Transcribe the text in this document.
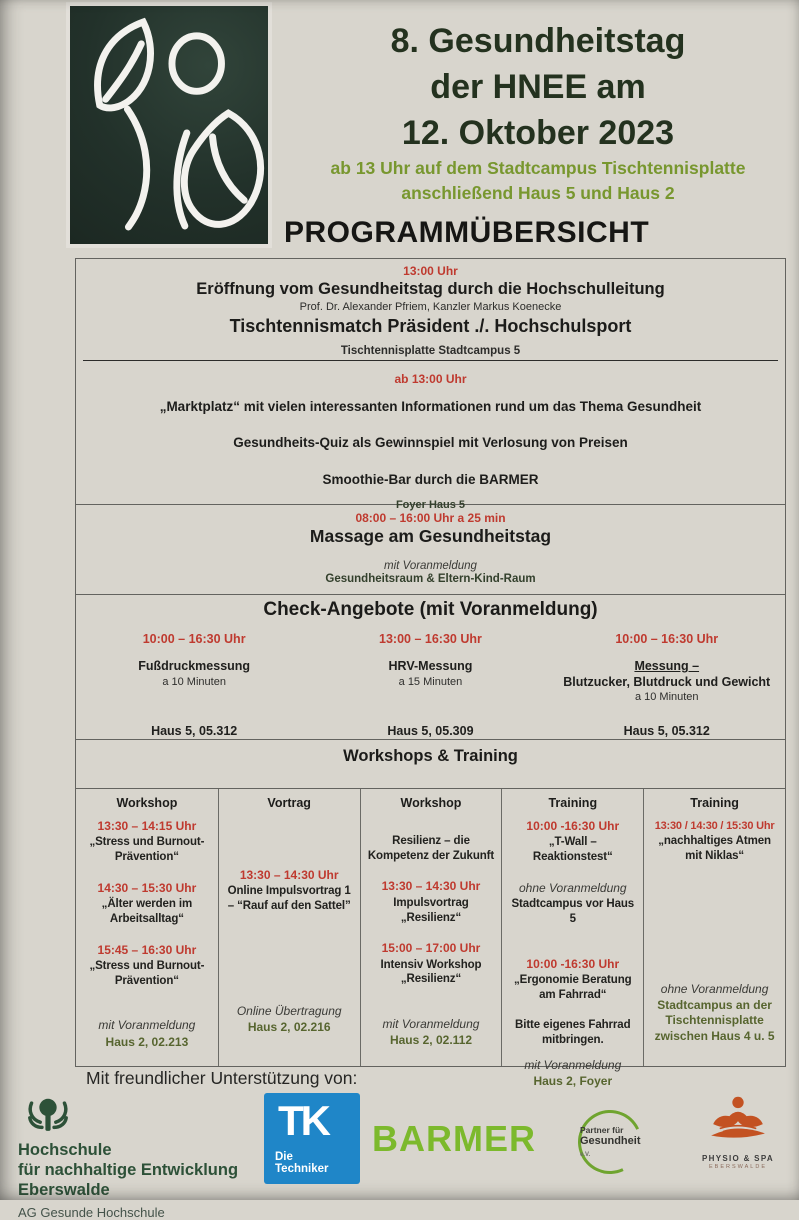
8. Gesundheitstag
der HNEE am
12. Oktober 2023
ab 13 Uhr auf dem Stadtcampus Tischtennisplatte
anschließend Haus 5 und Haus 2
PROGRAMMÜBERSICHT
13:00 Uhr
Eröffnung vom Gesundheitstag durch die Hochschulleitung
Prof. Dr. Alexander Pfriem, Kanzler Markus Koenecke
Tischtennismatch Präsident ./. Hochschulsport
Tischtennisplatte Stadtcampus 5
ab 13:00 Uhr
„Marktplatz“ mit vielen interessanten Informationen rund um das Thema Gesundheit
Gesundheits-Quiz als Gewinnspiel mit Verlosung von Preisen
Smoothie-Bar durch die BARMER
Foyer Haus 5
08:00 – 16:00 Uhr a 25 min
Massage am Gesundheitstag
mit Voranmeldung
Gesundheitsraum & Eltern-Kind-Raum
Check-Angebote (mit Voranmeldung)
10:00 – 16:30 Uhr
Fußdruckmessung
a 10 Minuten
Haus 5, 05.312
13:00 – 16:30 Uhr
HRV-Messung
a 15 Minuten
Haus 5, 05.309
10:00 – 16:30 Uhr
Messung –
Blutzucker, Blutdruck und Gewicht
a 10 Minuten
Haus 5, 05.312
Workshops & Training
Workshop
13:30 – 14:15 Uhr
„Stress und Burnout-Prävention“
14:30 – 15:30 Uhr
„Älter werden im Arbeitsalltag“
15:45 – 16:30 Uhr
„Stress und Burnout-Prävention“
mit Voranmeldung
Haus 2, 02.213
Vortrag
13:30 – 14:30 Uhr
Online Impulsvortrag 1 – “Rauf auf den Sattel”
Online Übertragung
Haus 2, 02.216
Workshop
Resilienz – die Kompetenz der Zukunft
13:30 – 14:30 Uhr
Impulsvortrag „Resilienz“
15:00 – 17:00 Uhr
Intensiv Workshop „Resilienz“
mit Voranmeldung
Haus 2, 02.112
Training
10:00 -16:30 Uhr
„T-Wall – Reaktionstest“
ohne Voranmeldung
Stadtcampus vor Haus 5
10:00 -16:30 Uhr
„Ergonomie Beratung am Fahrrad“
Bitte eigenes Fahrrad mitbringen.
mit Voranmeldung
Haus 2, Foyer
Training
13:30 / 14:30 / 15:30 Uhr
„nachhaltiges Atmen mit Niklas“
ohne Voranmeldung
Stadtcampus an der Tischtennisplatte zwischen Haus 4 u. 5
Mit freundlicher Unterstützung von:
Hochschule
für nachhaltige Entwicklung
Eberswalde
AG Gesunde Hochschule
TK
Die
Techniker
BARMER	Partner für
Gesundheit e.V.	PHYSIO & SPA
EBERSWALDE
